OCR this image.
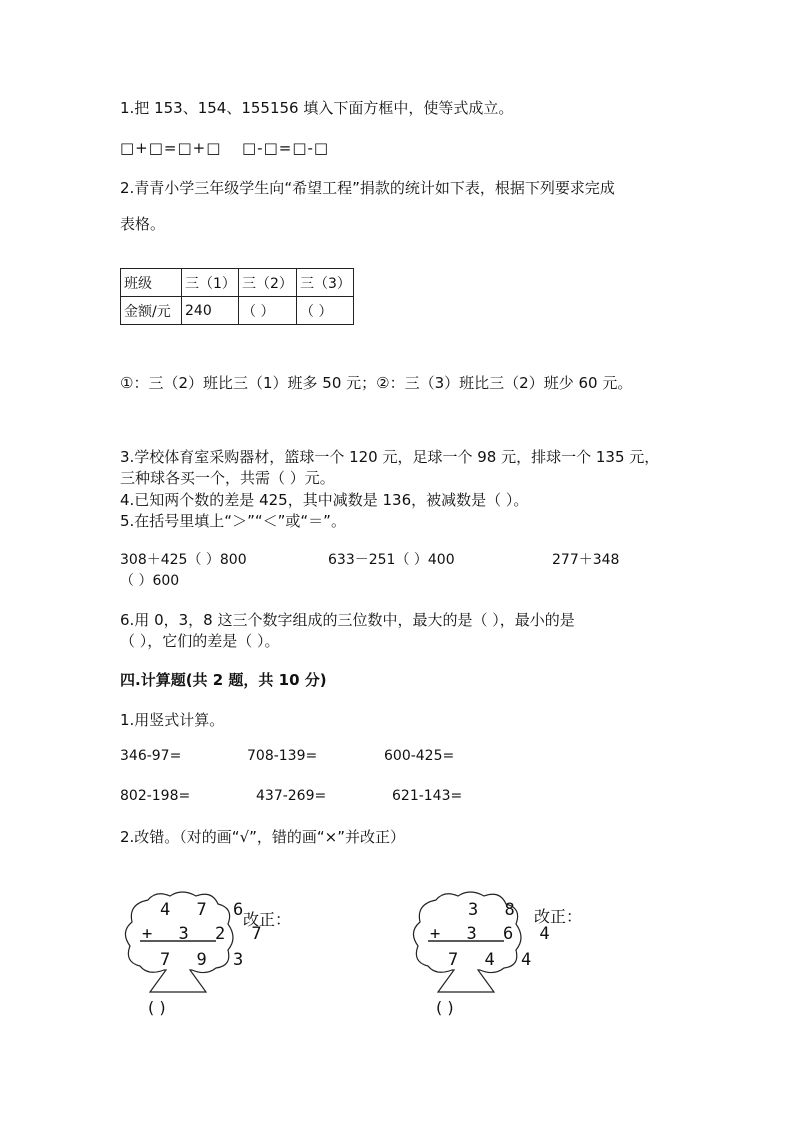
1.把 153、154、155156 填入下面方框中，使等式成立。
□+□=□+□ □-□=□-□
2.青青小学三年级学生向“希望工程”捐款的统计如下表，根据下列要求完成
表格。
班级	三（1）	三（2）	三（3）
金额/元	240	（ ）	（ ）
①：三（2）班比三（1）班多 50 元；②：三（3）班比三（2）班少 60 元。
3.学校体育室采购器材，篮球一个 120 元，足球一个 98 元，排球一个 135 元，
三种球各买一个，共需（ ）元。
4.已知两个数的差是 425，其中减数是 136，被减数是（ ）。
5.在括号里填上“＞”“＜”或“＝”。
308＋425（ ）800	633－251（ ）400	277＋348
（ ）600
6.用 0，3，8 这三个数字组成的三位数中，最大的是（ ），最小的是
（ ），它们的差是（ ）。
四.计算题(共 2 题，共 10 分)
1.用竖式计算。
346-97=	708-139=	600-425=
802-198=	437-269=	621-143=
2.改错。（对的画“√”，错的画“×”并改正）
4 7 6
+ 3 2 7
7 9 3
( )
改正：	3 8
+ 3 6 4
7 4 4
( )
改正：
